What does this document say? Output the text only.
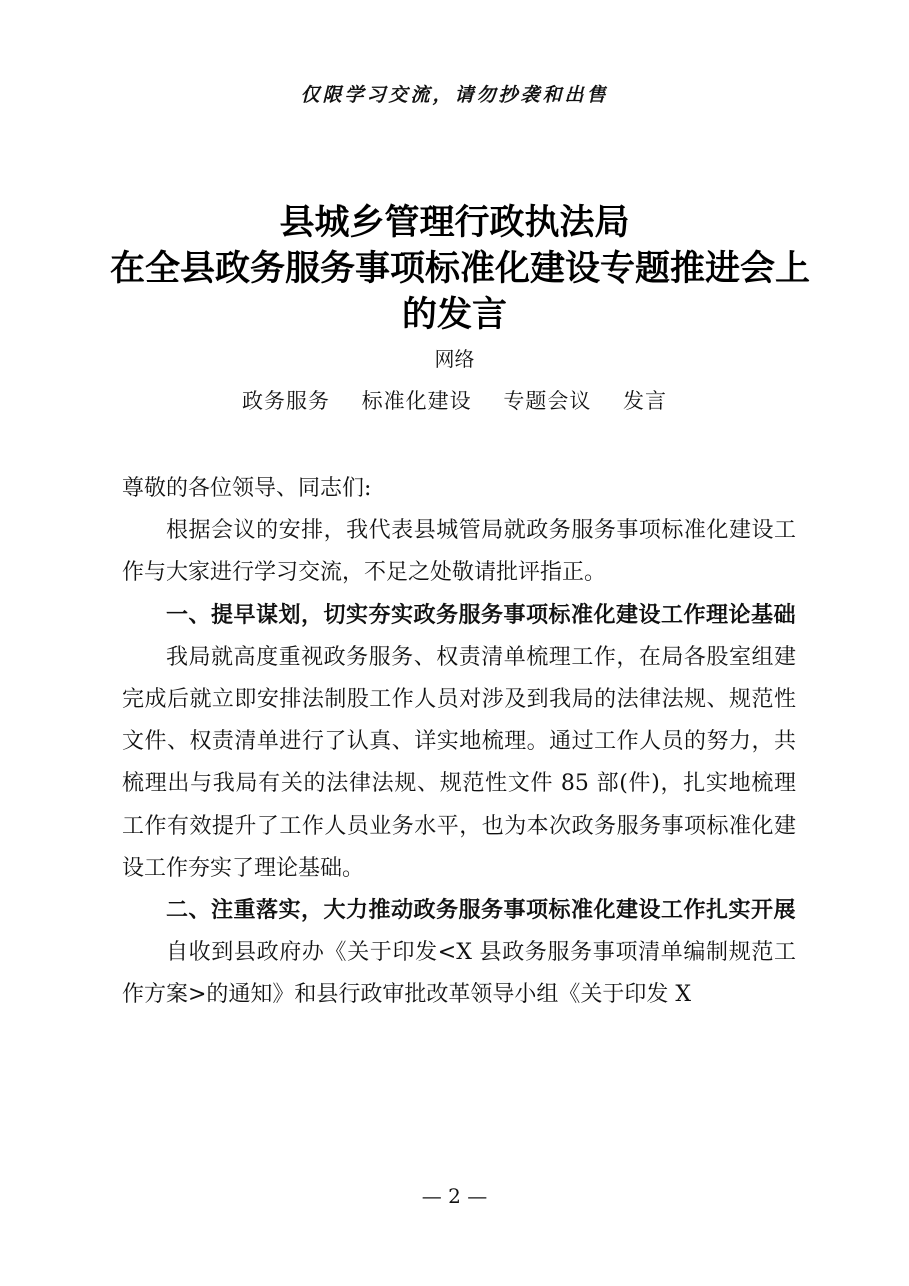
仅限学习交流，请勿抄袭和出售
县城乡管理行政执法局
在全县政务服务事项标准化建设专题推进会上
的发言
网络
政务服务 标准化建设 专题会议 发言

尊敬的各位领导、同志们:

根据会议的安排，我代表县城管局就政务服务事项标准化建设工作与大家进行学习交流，不足之处敬请批评指正。

一、提早谋划，切实夯实政务服务事项标准化建设工作理论基础

我局就高度重视政务服务、权责清单梳理工作，在局各股室组建完成后就立即安排法制股工作人员对涉及到我局的法律法规、规范性文件、权责清单进行了认真、详实地梳理。通过工作人员的努力，共梳理出与我局有关的法律法规、规范性文件 85 部(件)，扎实地梳理工作有效提升了工作人员业务水平，也为本次政务服务事项标准化建设工作夯实了理论基础。

二、注重落实，大力推动政务服务事项标准化建设工作扎实开展

自收到县政府办《关于印发<X 县政务服务事项清单编制规范工作方案>的通知》和县行政审批改革领导小组《关于印发 X

— 2 —
